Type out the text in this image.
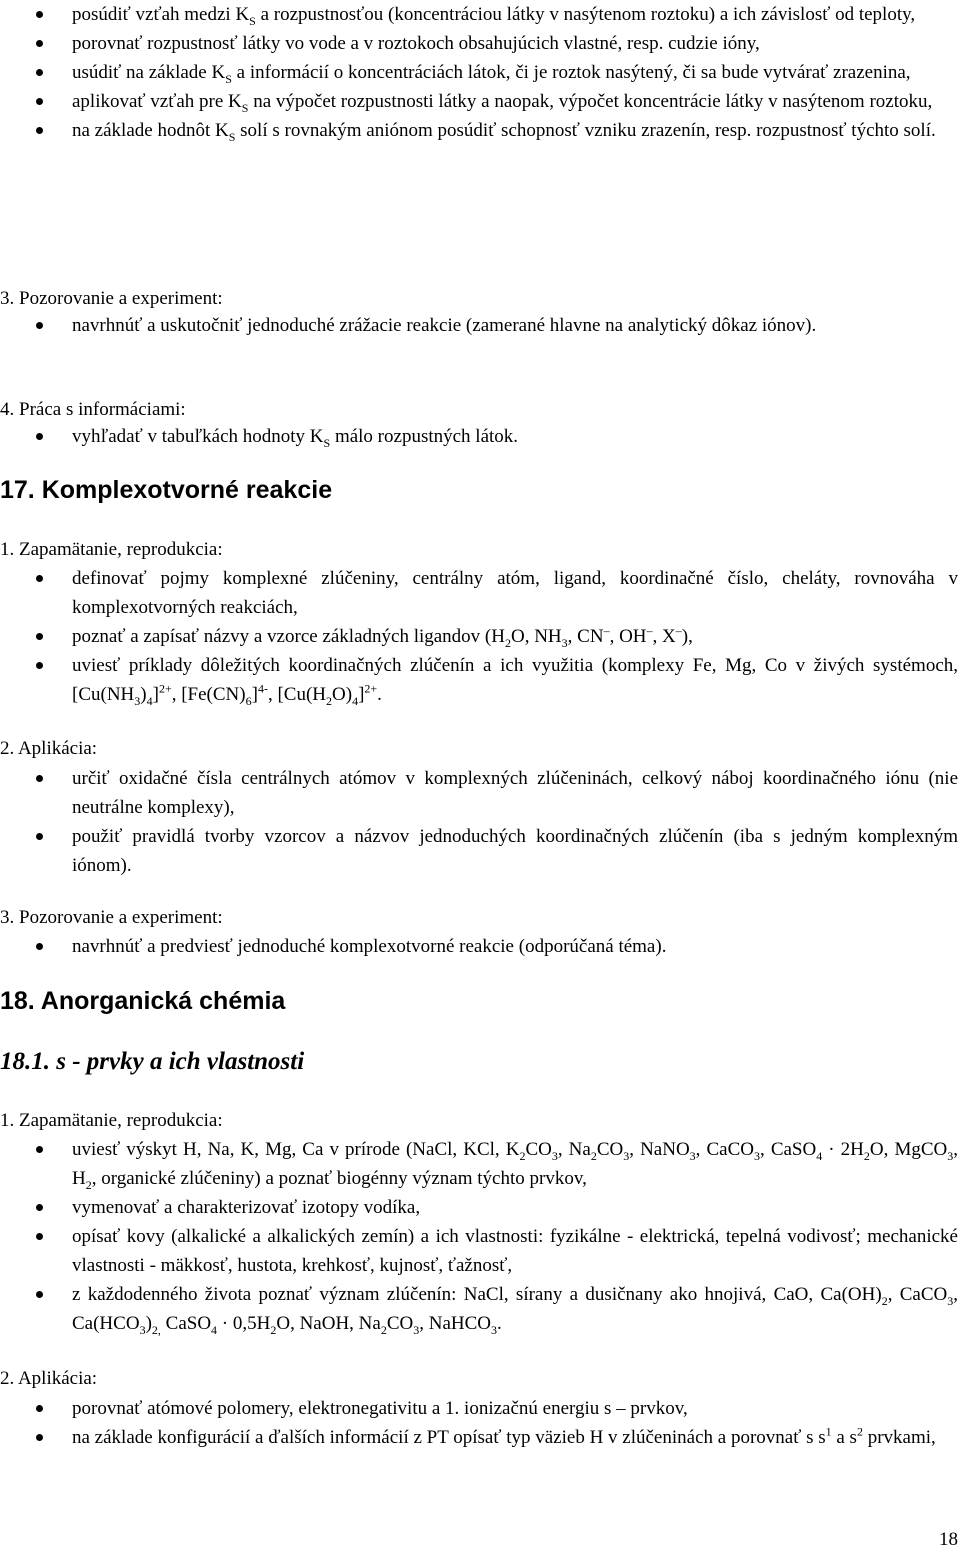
posúdiť vzťah medzi $K_S$ a rozpustnosťou (koncentráciou látky v nasýtenom roztoku) a ich závislosť od teploty,
porovnať rozpustnosť látky vo vode a v roztokoch obsahujúcich vlastné, resp. cudzie ióny,
usúdiť na základe $K_S$ a informácií o koncentráciách látok, či je roztok nasýtený, či sa bude vytvárať zrazenina,
aplikovať vzťah pre $K_S$ na výpočet rozpustnosti látky a naopak, výpočet koncentrácie látky v nasýtenom roztoku,
na základe hodnôt $K_S$ solí s rovnakým aniónom posúdiť schopnosť vzniku zrazenín, resp. rozpustnosť týchto solí.
3. Pozorovanie a experiment:
navrhnúť a uskutočniť jednoduché zrážacie reakcie (zamerané hlavne na analytický dôkaz iónov).
4. Práca s informáciami:
vyhľadať v tabuľkách hodnoty $K_S$ málo rozpustných látok.
17. Komplexotvorné reakcie
1. Zapamätanie, reprodukcia:
definovať pojmy komplexné zlúčeniny, centrálny atóm, ligand, koordinačné číslo, cheláty, rovnováha v komplexotvorných reakciách,
poznať a zapísať názvy a vzorce základných ligandov ($H_2O$, $NH_3$, CN–, OH–, X–),
uviesť príklady dôležitých koordinačných zlúčenín a ich využitia (komplexy Fe, Mg, Co v živých systémoch, $[Cu(NH_3)_4]^{2+}$, $[Fe(CN)_6]^{4-}$, $[Cu(H_2O)_4]^{2+}$.
2. Aplikácia:
určiť oxidačné čísla centrálnych atómov v komplexných zlúčeninách, celkový náboj koordinačného iónu (nie neutrálne komplexy),
použiť pravidlá tvorby vzorcov a názvov jednoduchých koordinačných zlúčenín (iba s jedným komplexným iónom).
3. Pozorovanie a experiment:
navrhnúť a predviesť jednoduché komplexotvorné reakcie (odporúčaná téma).
18. Anorganická chémia
18.1. s - prvky a ich vlastnosti
1. Zapamätanie, reprodukcia:
uviesť výskyt H, Na, K, Mg, Ca v prírode (NaCl, KCl, $K_2CO_3$, $Na_2CO_3$, NaNO$_3$, CaCO$_3$, CaSO$_4$ · $2H_2O$, MgCO$_3$, $H_2$, organické zlúčeniny) a poznať biogénny význam týchto prvkov,
vymenovať a charakterizovať izotopy vodíka,
opísať kovy (alkalické a alkalických zemín) a ich vlastnosti: fyzikálne - elektrická, tepelná vodivosť; mechanické vlastnosti - mäkkosť, hustota, krehkosť, kujnosť, ťažnosť,
z každodenného života poznať význam zlúčenín: NaCl, sírany a dusičnany ako hnojivá, CaO, $Ca(OH)_2$, CaCO$_3$, $Ca(HCO_3)_{2,}$ CaSO$_4$ · $0,5H_2O$, NaOH, $Na_2CO_3$, NaHCO$_3$.
2. Aplikácia:
porovnať atómové polomery, elektronegativitu a 1. ionizačnú energiu s – prvkov,
na základe konfigurácií a ďalších informácií z PT opísať typ väzieb H v zlúčeninách a porovnať s $s^1$ a $s^2$ prvkami,
18
